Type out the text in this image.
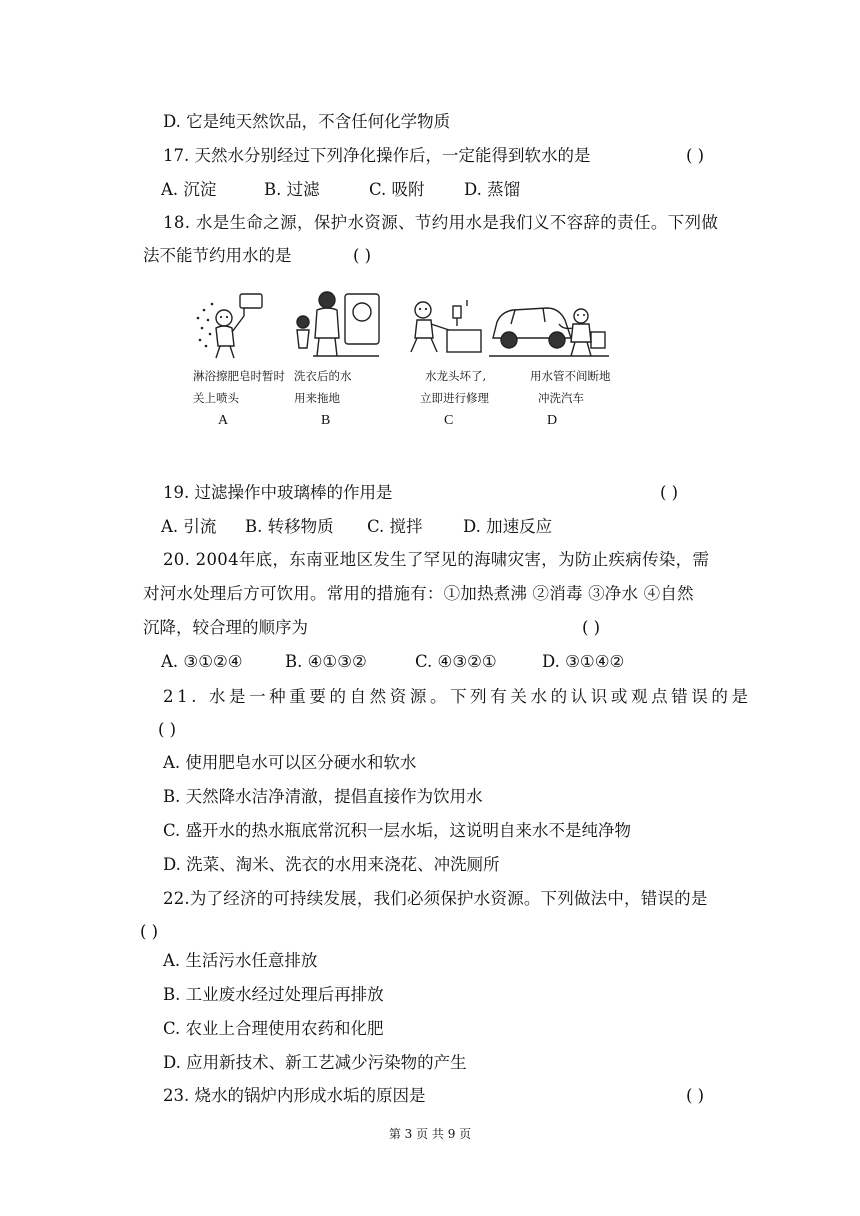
D. 它是纯天然饮品，不含任何化学物质
17. 天然水分别经过下列净化操作后，一定能得到软水的是	( )
A. 沉淀	B. 过滤	C. 吸附 D. 蒸馏
18. 水是生命之源，保护水资源、节约用水是我们义不容辞的责任。下列做
法不能节约用水的是	( )
淋浴擦肥皂时暂时
关上喷头
A
洗衣后的水
用来拖地
B
水龙头坏了,
立即进行修理
C
用水管不间断地
冲洗汽车
D
19. 过滤操作中玻璃棒的作用是	( )
A. 引流 B. 转移物质 C. 搅拌 D. 加速反应
20. 2004年底，东南亚地区发生了罕见的海啸灾害，为防止疾病传染，需
对河水处理后方可饮用。常用的措施有：①加热煮沸 ②消毒 ③净水 ④自然
沉降，较合理的顺序为	( )
A. ③①②④	B. ④①③②	C. ④③②①	D. ③①④②
21. 水是一种重要的自然资源。下列有关水的认识或观点错误的是
( )
A. 使用肥皂水可以区分硬水和软水
B. 天然降水洁净清澈，提倡直接作为饮用水
C. 盛开水的热水瓶底常沉积一层水垢，这说明自来水不是纯净物
D. 洗菜、淘米、洗衣的水用来浇花、冲洗厕所
22.为了经济的可持续发展，我们必须保护水资源。下列做法中，错误的是
( )
A. 生活污水任意排放
B. 工业废水经过处理后再排放
C. 农业上合理使用农药和化肥
D. 应用新技术、新工艺减少污染物的产生
23. 烧水的锅炉内形成水垢的原因是	( )
第 3 页 共 9 页
